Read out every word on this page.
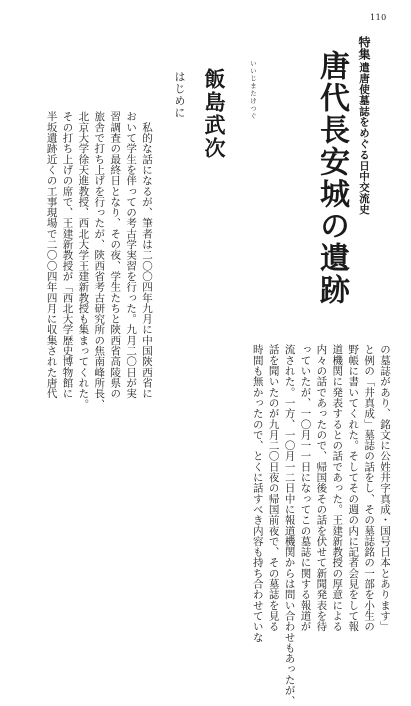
110
特集
遣唐使墓誌をめぐる日中交流史
唐代長安城の遺跡
いいじまたけつぐ
飯島武次
はじめに

　私的な話になるが、筆者は二〇〇四年九月に中国陝西省に

おいて学生を伴っての考古学実習を行った。九月二〇日が実

習調査の最終日となり、その夜、学生たちと陝西省高陵県の

旅舎で打ち上げを行ったが、陝西省考古研究所の焦南峰所長、

北京大学徐天進教授、西北大学王建新教授も集まってくれた。

その打ち上げの席で、王建新教授が「西北大学歴史博物館に

半坂遺跡近くの工事現場で二〇〇四年四月に収集された唐代

の墓誌があり、銘文に公姓井字真成・国号日本とあります」

と例の「井真成」墓誌の話をし、その墓誌銘の一部を小生の

野帳に書いてくれた。そしてその週の内に記者会見をして報

道機関に発表するとの話であった。王建新教授の厚意による

内々の話であったので、帰国後その話を伏せて新聞発表を待

っていたが、一〇月一一日になってこの墓誌に関する報道が

流された。一方、一〇月一二日中に報道機関からは問い合わせもあったが、

話を聞いたのが九月二〇日夜の帰国前夜で、その墓誌を見る

時間も無かったので、とくに話すべき内容も持ち合わせていな
